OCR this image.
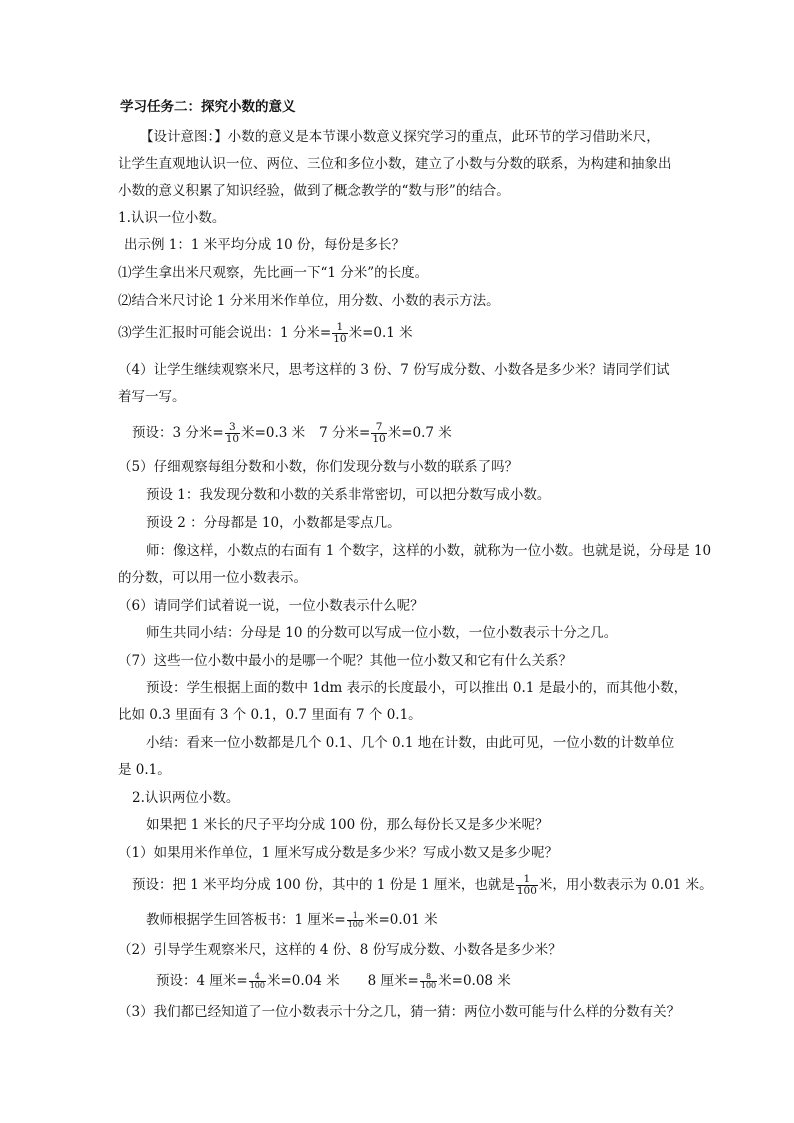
学习任务二：探究小数的意义
【设计意图：】小数的意义是本节课小数意义探究学习的重点，此环节的学习借助米尺，
让学生直观地认识一位、两位、三位和多位小数，建立了小数与分数的联系，为构建和抽象出
小数的意义积累了知识经验，做到了概念教学的“数与形”的结合。
1.认识一位小数。
出示例 1：1 米平均分成 10 份，每份是多长？
⑴学生拿出米尺观察，先比画一下“1 分米”的长度。
⑵结合米尺讨论 1 分米用米作单位，用分数、小数的表示方法。
⑶学生汇报时可能会说出：1 分米= $\frac{1}{10}$ 米=0.1 米
（4）让学生继续观察米尺，思考这样的 3 份、7 份写成分数、小数各是多少米？请同学们试
着写一写。
预设：3 分米= $\frac{3}{10}$ 米=0.3 米 7 分米= $\frac{7}{10}$ 米=0.7 米
（5）仔细观察每组分数和小数，你们发现分数与小数的联系了吗？
预设 1：我发现分数和小数的关系非常密切，可以把分数写成小数。
预设 2 ：分母都是 10，小数都是零点几。
师：像这样，小数点的右面有 1 个数字，这样的小数，就称为一位小数。也就是说，分母是 10
的分数，可以用一位小数表示。
（6）请同学们试着说一说，一位小数表示什么呢？
师生共同小结：分母是 10 的分数可以写成一位小数，一位小数表示十分之几。
（7）这些一位小数中最小的是哪一个呢？其他一位小数又和它有什么关系？
预设：学生根据上面的数中 1dm 表示的长度最小，可以推出 0.1 是最小的，而其他小数，
比如 0.3 里面有 3 个 0.1，0.7 里面有 7 个 0.1。
小结：看来一位小数都是几个 0.1、几个 0.1 地在计数，由此可见，一位小数的计数单位
是 0.1。
2.认识两位小数。
如果把 1 米长的尺子平均分成 100 份，那么每份长又是多少米呢？
（1）如果用米作单位，1 厘米写成分数是多少米？写成小数又是多少呢？
预设：把 1 米平均分成 100 份，其中的 1 份是 1 厘米，也就是 $\frac{1}{100}$ 米，用小数表示为 0.01 米。
教师根据学生回答板书：1 厘米= $\frac{1}{100}$ 米=0.01 米
（2）引导学生观察米尺，这样的 4 份、8 份写成分数、小数各是多少米？
预设：4 厘米= $\frac{4}{100}$ 米=0.04 米 8 厘米= $\frac{8}{100}$ 米=0.08 米
（3）我们都已经知道了一位小数表示十分之几，猜一猜：两位小数可能与什么样的分数有关？
